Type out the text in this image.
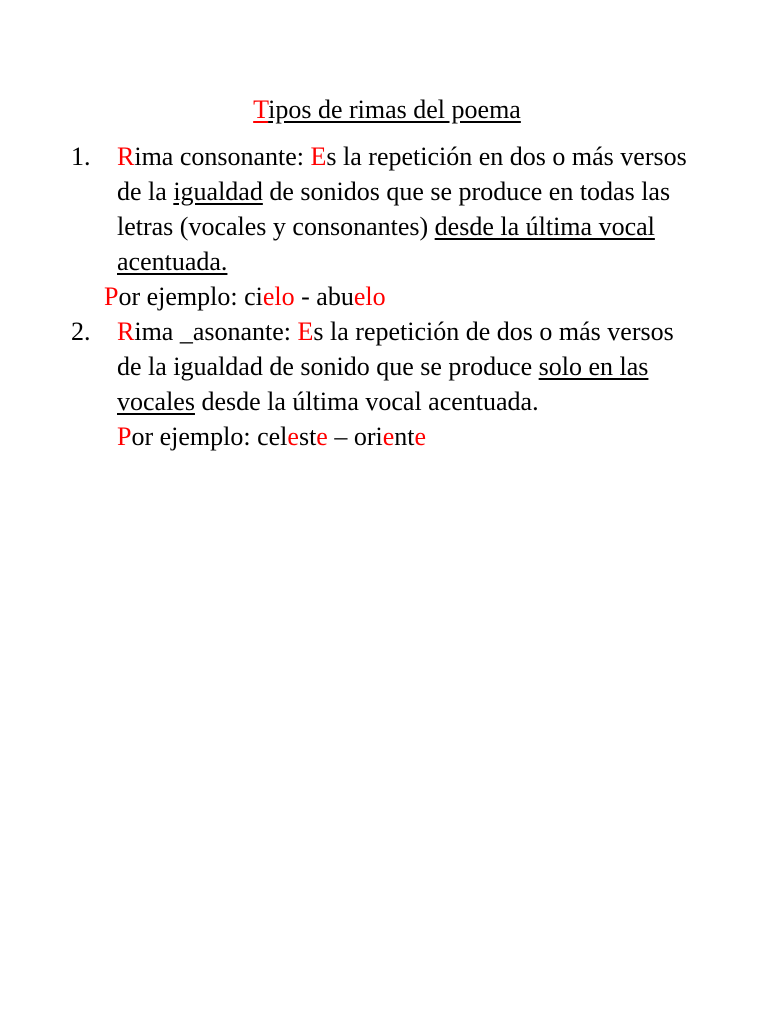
Tipos de rimas del poema
1. Rima consonante: Es la repetición en dos o más versos
de la igualdad de sonidos que se produce en todas las
letras (vocales y consonantes) desde la última vocal
acentuada.
Por ejemplo: cielo - abuelo
2. Rima _asonante: Es la repetición de dos o más versos
de la igualdad de sonido que se produce solo en las
vocales desde la última vocal acentuada.
Por ejemplo: celeste – oriente
